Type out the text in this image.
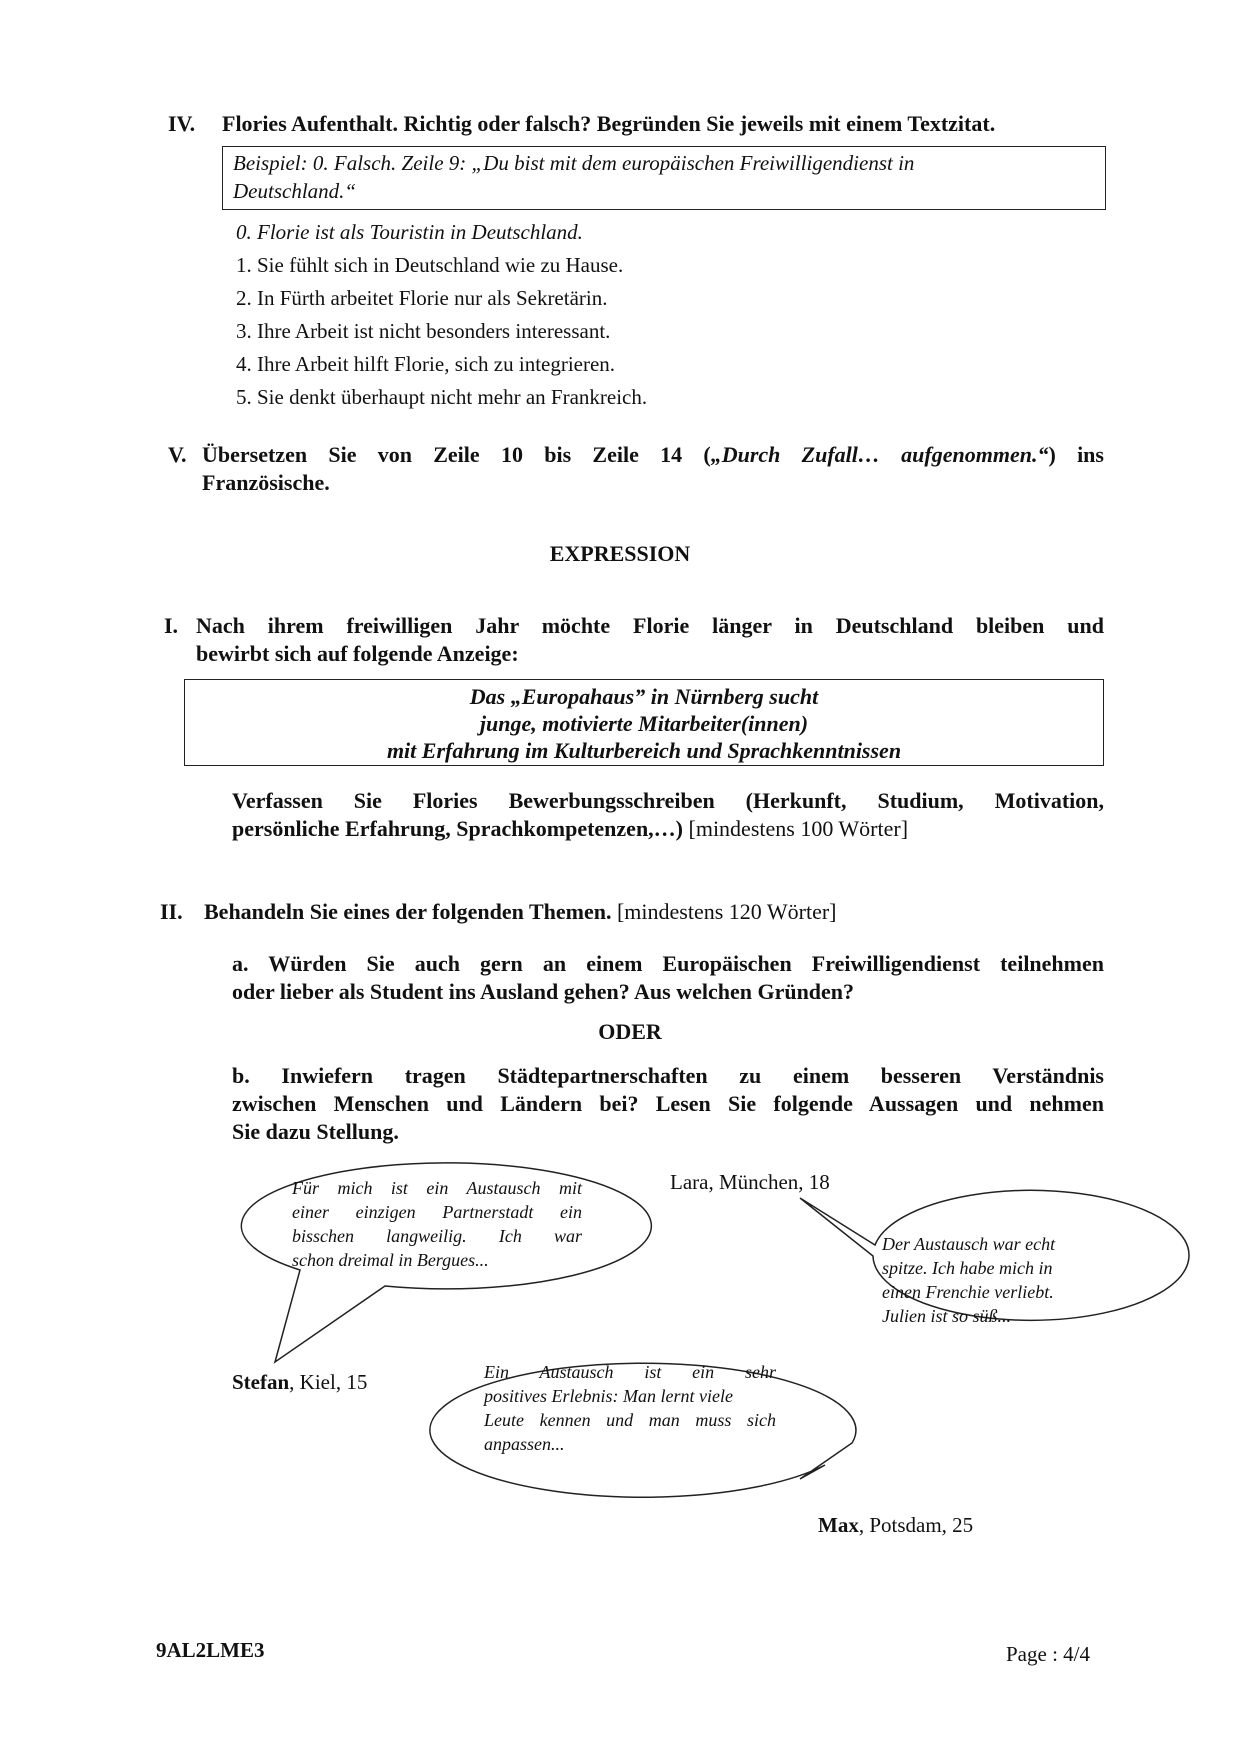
IV. Flories Aufenthalt. Richtig oder falsch? Begründen Sie jeweils mit einem Textzitat.
Beispiel: 0. Falsch. Zeile 9: „Du bist mit dem europäischen Freiwilligendienst in
Deutschland.“
0. Florie ist als Touristin in Deutschland.
1. Sie fühlt sich in Deutschland wie zu Hause.
2. In Fürth arbeitet Florie nur als Sekretärin.
3. Ihre Arbeit ist nicht besonders interessant.
4. Ihre Arbeit hilft Florie, sich zu integrieren.
5. Sie denkt überhaupt nicht mehr an Frankreich.
V. Übersetzen Sie von Zeile 10 bis Zeile 14 („Durch Zufall… aufgenommen.“) ins
Französische.
EXPRESSION
I. Nach ihrem freiwilligen Jahr möchte Florie länger in Deutschland bleiben und
bewirbt sich auf folgende Anzeige:
Das „Europahaus” in Nürnberg sucht
junge, motivierte Mitarbeiter(innen)
mit Erfahrung im Kulturbereich und Sprachkenntnissen
Verfassen Sie Flories Bewerbungsschreiben (Herkunft, Studium, Motivation,
persönliche Erfahrung, Sprachkompetenzen,…) [mindestens 100 Wörter]
II. Behandeln Sie eines der folgenden Themen. [mindestens 120 Wörter]
a. Würden Sie auch gern an einem Europäischen Freiwilligendienst teilnehmen
oder lieber als Student ins Ausland gehen? Aus welchen Gründen?
ODER
b. Inwiefern tragen Städtepartnerschaften zu einem besseren Verständnis
zwischen Menschen und Ländern bei? Lesen Sie folgende Aussagen und nehmen
Sie dazu Stellung.
Für mich ist ein Austausch mit
einer einzigen Partnerstadt ein
bisschen langweilig. Ich war
schon dreimal in Bergues...
Lara, München, 18
Der Austausch war echt
spitze. Ich habe mich in
einen Frenchie verliebt.
Julien ist so süß...
Stefan, Kiel, 15	Ein Austausch ist ein sehr
positives Erlebnis: Man lernt viele
Leute kennen und man muss sich
anpassen...
Max, Potsdam, 25
9AL2LME3	Page : 4/4
